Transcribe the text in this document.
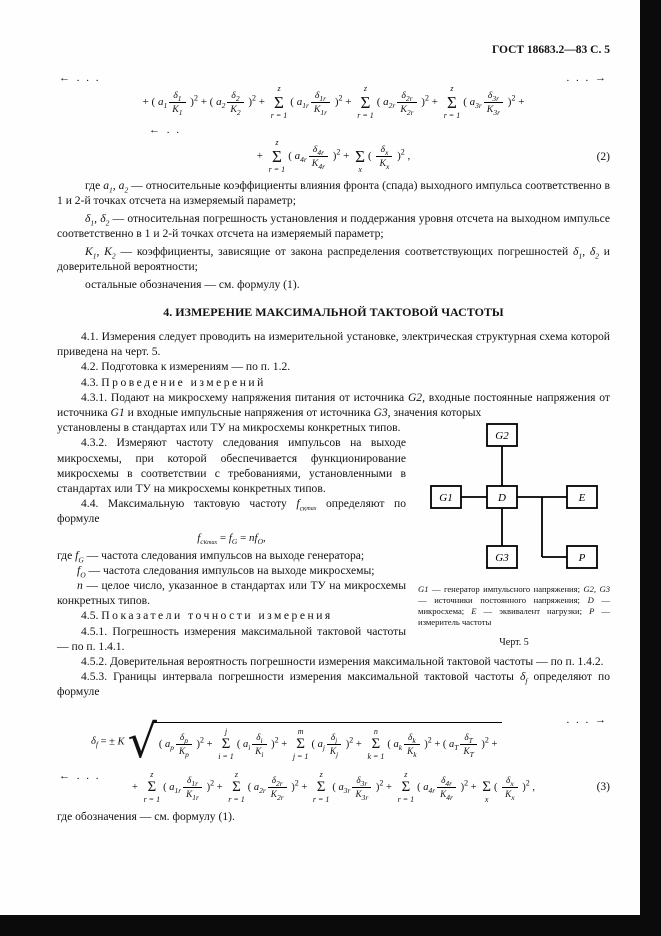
ГОСТ 18683.2—83 С. 5
← . . .	. . . →
+ ( $a_1 \frac{\delta_1}{K_1} )^2$ + ( $a_2 \frac{\delta_2}{K_2} )^2$ +
z
Σ
r = 1
( $a_{1r} \frac{\delta_{1r}}{K_{1r}} )^2$ +
z
Σ
r = 1
( $a_{2r} \frac{\delta_{2r}}{K_{2r}} )^2$ +
z
Σ
r = 1
( $a_{3r} \frac{\delta_{3r}}{K_{3r}} )^2$ +
← . .
+
z
Σ
r = 1
( $a_{4r} \frac{\delta_{4r}}{K_{4r}} )^2$ +
Σ
x
( $\frac{\delta_x}{K_x} )^2$ ,	(2)

где $a_1$, $a_2$ — относительные коэффициенты влияния фронта (спада) выходного импульса соответственно в 1 и 2-й точках отсчета на измеряемый параметр;

$\delta_1$, $\delta_2$ — относительная погрешность установления и поддержания уровня отсчета на выходном импульсе соответственно в 1 и 2-й точках отсчета на измеряемый параметр;

$K_1$, $K_2$ — коэффициенты, зависящие от закона распределения соответствующих погрешностей $\delta_1$, $\delta_2$ и доверительной вероятности;

остальные обозначения — см. формулу (1).

4. ИЗМЕРЕНИЕ МАКСИМАЛЬНОЙ ТАКТОВОЙ ЧАСТОТЫ

4.1. Измерения следует проводить на измерительной установке, электрическая структурная схема которой приведена на черт. 5.

4.2. Подготовка к измерениям — по п. 1.2.

4.3. Проведение измерений

4.3.1. Подают на микросхему напряжения питания от источника G2, входные постоянные напряжения от источника G1 и входные импульсные напряжения от источника G3, значения которых

G2
G1	D	E
G3	P

G1 — генератор импульсного напряжения; G2, G3 — источники постоянного напряжения; D — микросхема; E — эквивалент нагрузки; P — измеритель частоты

Черт. 5

установлены в стандартах или ТУ на микросхемы конкретных типов.

4.3.2. Измеряют частоту следования импульсов на выходе микросхемы, при которой обеспечивается функционирование микросхемы в соответствии с требованиями, установленными в стандартах или ТУ на микросхемы конкретных типов.

4.4. Максимальную тактовую частоту $f_{скmax}$ определяют по формуле

$f_{скmax} = f_G = nf_O$,

где $f_G$ — частота следования импульсов на выходе генератора;

$f_O$ — частота следования импульсов на выходе микросхемы;

n — целое число, указанное в стандартах или ТУ на микросхемы конкретных типов.

4.5. Показатели точности измерения

4.5.1. Погрешность измерения максимальной тактовой частоты — по п. 1.4.1.

4.5.2. Доверительная вероятность погрешности измерения максимальной тактовой частоты — по п. 1.4.2.

4.5.3. Границы интервала погрешности измерения максимальной тактовой частоты $\delta_f$ определяют по формуле

. . . →
$\delta_f$ = ± K √ ( $a_p \frac{\delta_p}{K_p} )^2$ +
j
Σ
i = 1
( $a_i \frac{\delta_i}{K_i} )^2$ +
m
Σ
j = 1
( $a_j \frac{\delta_j}{K_j} )^2$ +
n
Σ
k = 1
( $a_k \frac{\delta_k}{K_k} )^2$ + ( $a_T \frac{\delta_T}{K_T} )^2$ +
← . . .
+
z
Σ
r = 1
( $a_{1r} \frac{\delta_{1r}}{K_{1r}} )^2$ +
z
Σ
r = 1
( $a_{2r} \frac{\delta_{2r}}{K_{2r}} )^2$ +
z
Σ
r = 1
( $a_{3r} \frac{\delta_{3r}}{K_{3r}} )^2$ +
z
Σ
r = 1
( $a_{4r} \frac{\delta_{4r}}{K_{4r}} )^2$ +
Σ
x
( $\frac{\delta_x}{K_x} )^2$ ,	(3)

где обозначения — см. формулу (1).
